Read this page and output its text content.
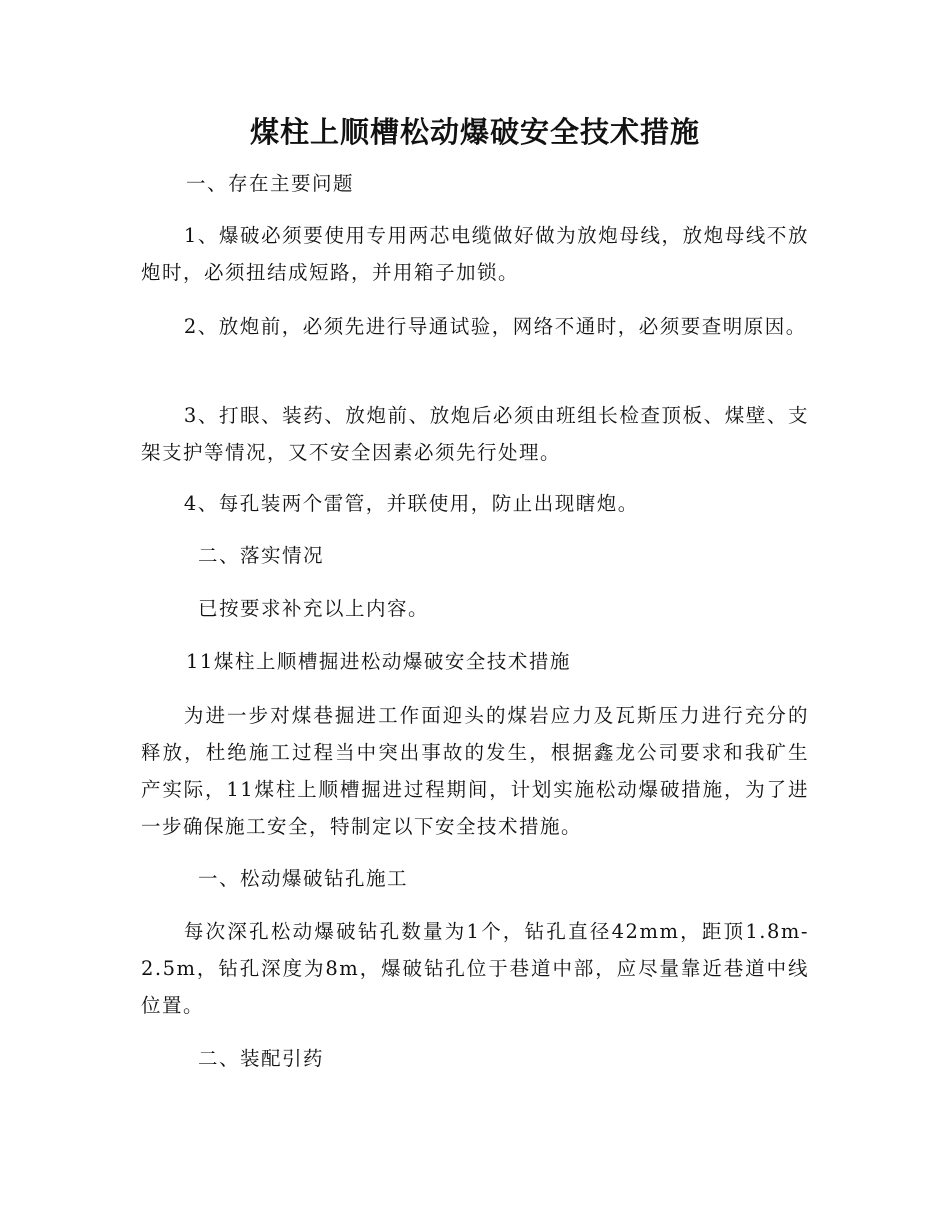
煤柱上顺槽松动爆破安全技术措施

一、存在主要问题

1、爆破必须要使用专用两芯电缆做好做为放炮母线，放炮母线不放炮时，必须扭结成短路，并用箱子加锁。

2、放炮前，必须先进行导通试验，网络不通时，必须要查明原因。

3、打眼、装药、放炮前、放炮后必须由班组长检查顶板、煤壁、支架支护等情况，又不安全因素必须先行处理。

4、每孔装两个雷管，并联使用，防止出现瞎炮。

二、落实情况

已按要求补充以上内容。

11煤柱上顺槽掘进松动爆破安全技术措施

为进一步对煤巷掘进工作面迎头的煤岩应力及瓦斯压力进行充分的释放，杜绝施工过程当中突出事故的发生，根据鑫龙公司要求和我矿生产实际，11煤柱上顺槽掘进过程期间，计划实施松动爆破措施，为了进一步确保施工安全，特制定以下安全技术措施。

一、松动爆破钻孔施工

每次深孔松动爆破钻孔数量为1个，钻孔直径42mm，距顶1.8m-2.5m，钻孔深度为8m，爆破钻孔位于巷道中部，应尽量靠近巷道中线位置。

二、装配引药
